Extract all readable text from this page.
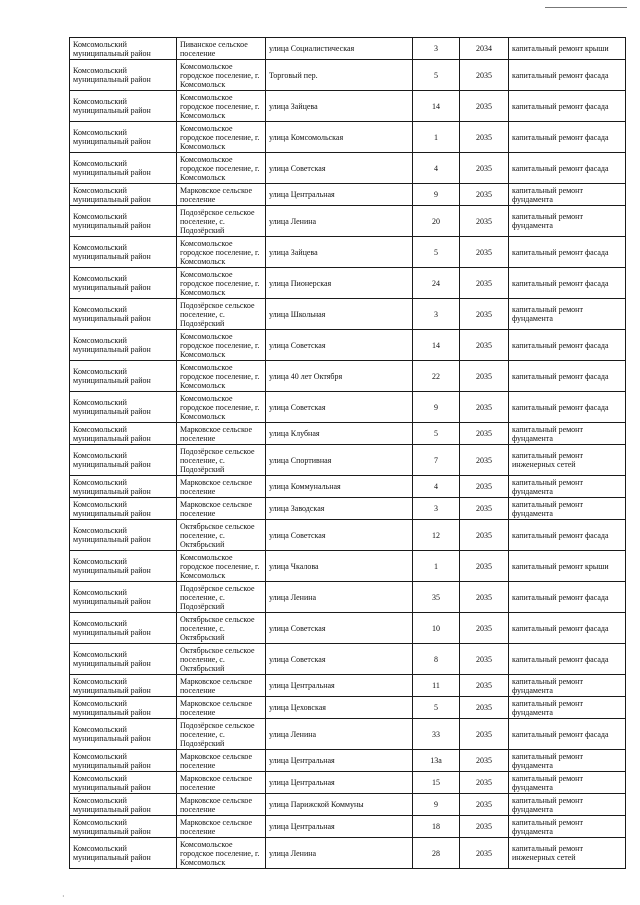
Комсомольский муниципальный район	Пиванское сельское поселение	улица Социалистическая	3	2034	капитальный ремонт крыши
Комсомольский муниципальный район	Комсомольское городское поселение, г. Комсомольск	Торговый пер.	5	2035	капитальный ремонт фасада
Комсомольский муниципальный район	Комсомольское городское поселение, г. Комсомольск	улица Зайцева	14	2035	капитальный ремонт фасада
Комсомольский муниципальный район	Комсомольское городское поселение, г. Комсомольск	улица Комсомольская	1	2035	капитальный ремонт фасада
Комсомольский муниципальный район	Комсомольское городское поселение, г. Комсомольск	улица Советская	4	2035	капитальный ремонт фасада
Комсомольский муниципальный район	Марковское сельское поселение	улица Центральная	9	2035	капитальный ремонт фундамента
Комсомольский муниципальный район	Подозёрское сельское поселение, с. Подозёрский	улица Ленина	20	2035	капитальный ремонт фундамента
Комсомольский муниципальный район	Комсомольское городское поселение, г. Комсомольск	улица Зайцева	5	2035	капитальный ремонт фасада
Комсомольский муниципальный район	Комсомольское городское поселение, г. Комсомольск	улица Пионерская	24	2035	капитальный ремонт фасада
Комсомольский муниципальный район	Подозёрское сельское поселение, с. Подозёрский	улица Школьная	3	2035	капитальный ремонт фундамента
Комсомольский муниципальный район	Комсомольское городское поселение, г. Комсомольск	улица Советская	14	2035	капитальный ремонт фасада
Комсомольский муниципальный район	Комсомольское городское поселение, г. Комсомольск	улица 40 лет Октября	22	2035	капитальный ремонт фасада
Комсомольский муниципальный район	Комсомольское городское поселение, г. Комсомольск	улица Советская	9	2035	капитальный ремонт фасада
Комсомольский муниципальный район	Марковское сельское поселение	улица Клубная	5	2035	капитальный ремонт фундамента
Комсомольский муниципальный район	Подозёрское сельское поселение, с. Подозёрский	улица Спортивная	7	2035	капитальный ремонт инженерных сетей
Комсомольский муниципальный район	Марковское сельское поселение	улица Коммунальная	4	2035	капитальный ремонт фундамента
Комсомольский муниципальный район	Марковское сельское поселение	улица Заводская	3	2035	капитальный ремонт фундамента
Комсомольский муниципальный район	Октябрьское сельское поселение, с. Октябрьский	улица Советская	12	2035	капитальный ремонт фасада
Комсомольский муниципальный район	Комсомольское городское поселение, г. Комсомольск	улица Чкалова	1	2035	капитальный ремонт крыши
Комсомольский муниципальный район	Подозёрское сельское поселение, с. Подозёрский	улица Ленина	35	2035	капитальный ремонт фасада
Комсомольский муниципальный район	Октябрьское сельское поселение, с. Октябрьский	улица Советская	10	2035	капитальный ремонт фасада
Комсомольский муниципальный район	Октябрьское сельское поселение, с. Октябрьский	улица Советская	8	2035	капитальный ремонт фасада
Комсомольский муниципальный район	Марковское сельское поселение	улица Центральная	11	2035	капитальный ремонт фундамента
Комсомольский муниципальный район	Марковское сельское поселение	улица Цеховская	5	2035	капитальный ремонт фундамента
Комсомольский муниципальный район	Подозёрское сельское поселение, с. Подозёрский	улица Ленина	33	2035	капитальный ремонт фасада
Комсомольский муниципальный район	Марковское сельское поселение	улица Центральная	13а	2035	капитальный ремонт фундамента
Комсомольский муниципальный район	Марковское сельское поселение	улица Центральная	15	2035	капитальный ремонт фундамента
Комсомольский муниципальный район	Марковское сельское поселение	улица Парижской Коммуны	9	2035	капитальный ремонт фундамента
Комсомольский муниципальный район	Марковское сельское поселение	улица Центральная	18	2035	капитальный ремонт фундамента
Комсомольский муниципальный район	Комсомольское городское поселение, г. Комсомольск	улица Ленина	28	2035	капитальный ремонт инженерных сетей
·
